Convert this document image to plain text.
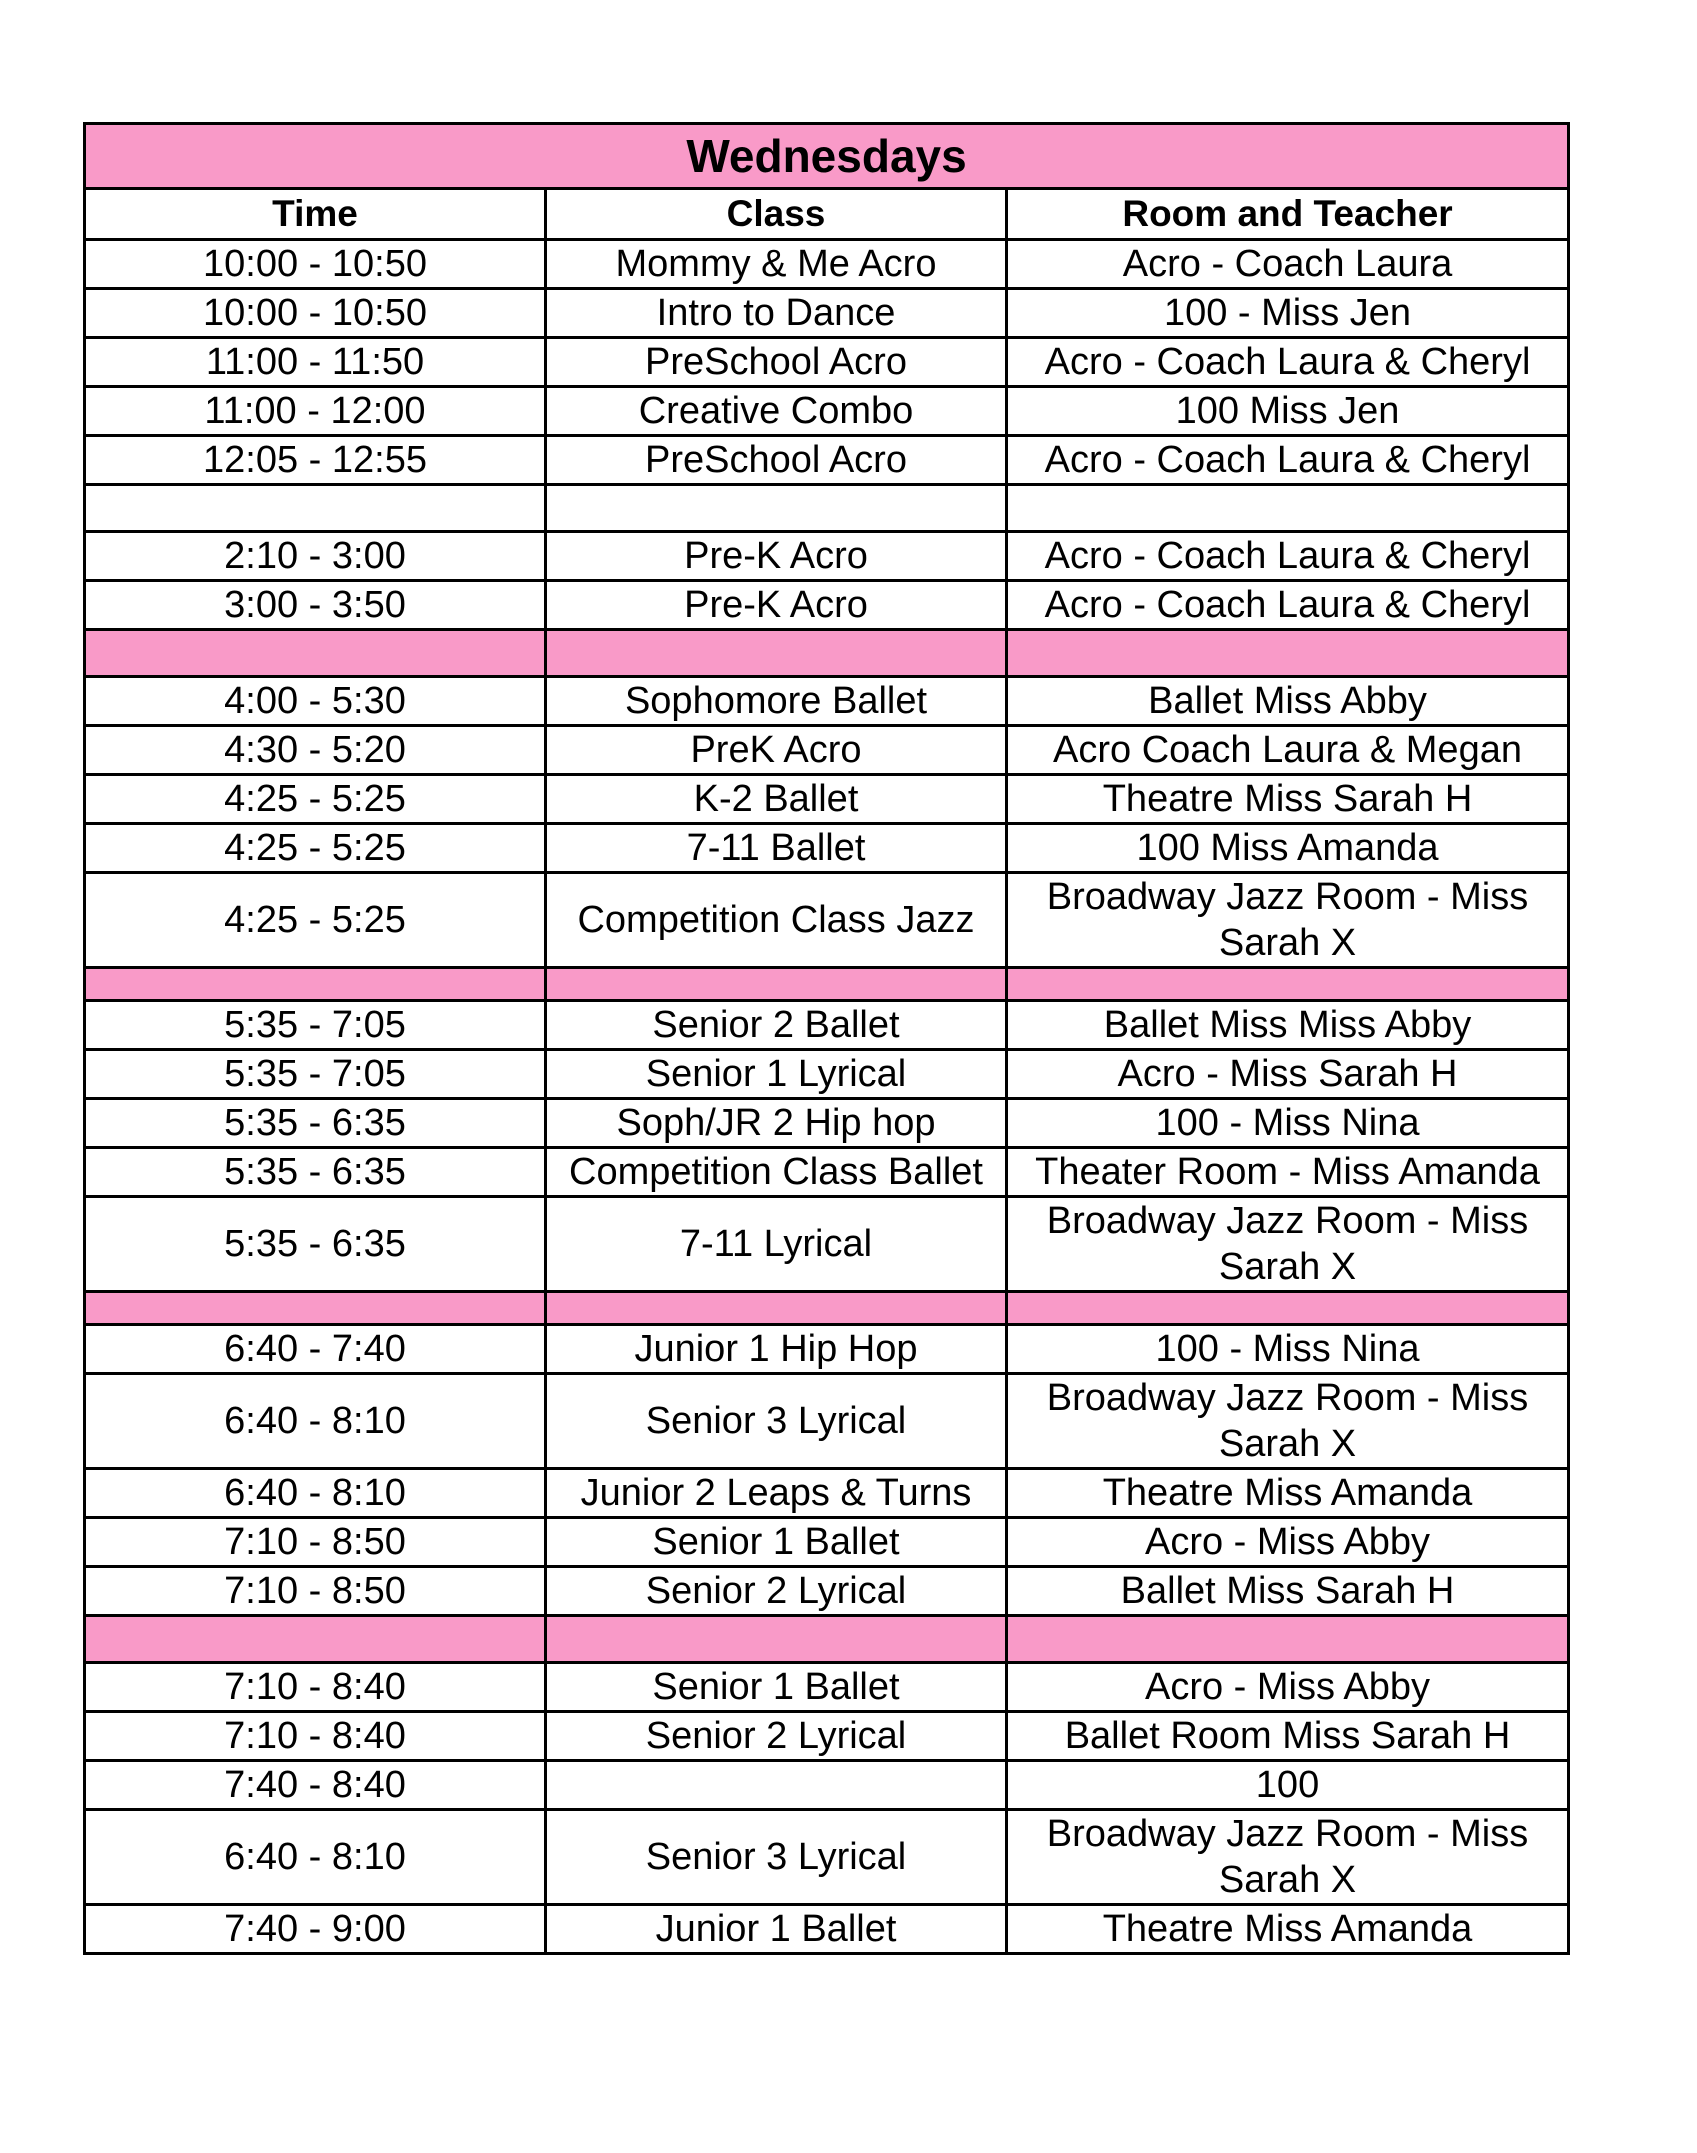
Wednesdays		
Time	Class	Room and Teacher
10:00 - 10:50	Mommy & Me Acro	Acro - Coach Laura
10:00 - 10:50	Intro to Dance	100 - Miss Jen
11:00 - 11:50	PreSchool Acro	Acro - Coach Laura & Cheryl
11:00 - 12:00	Creative Combo	100 Miss Jen
12:05 - 12:55	PreSchool Acro	Acro - Coach Laura & Cheryl

2:10 - 3:00	Pre-K Acro	Acro - Coach Laura & Cheryl
3:00 - 3:50	Pre-K Acro	Acro - Coach Laura & Cheryl

4:00 - 5:30	Sophomore Ballet	Ballet Miss Abby
4:30 - 5:20	PreK Acro	Acro Coach Laura & Megan
4:25 - 5:25	K-2 Ballet	Theatre Miss Sarah H
4:25 - 5:25	7-11 Ballet	100 Miss Amanda
4:25 - 5:25	Competition Class Jazz	Broadway Jazz Room - Miss Sarah X

5:35 - 7:05	Senior 2 Ballet	Ballet Miss Miss Abby
5:35 - 7:05	Senior 1 Lyrical	Acro - Miss Sarah H
5:35 - 6:35	Soph/JR 2 Hip hop	100 - Miss Nina
5:35 - 6:35	Competition Class Ballet	Theater Room - Miss Amanda
5:35 - 6:35	7-11 Lyrical	Broadway Jazz Room - Miss Sarah X

6:40 - 7:40	Junior 1 Hip Hop	100 - Miss Nina
6:40 - 8:10	Senior 3 Lyrical	Broadway Jazz Room - Miss Sarah X
6:40 - 8:10	Junior 2 Leaps & Turns	Theatre Miss Amanda
7:10 - 8:50	Senior 1 Ballet	Acro - Miss Abby
7:10 - 8:50	Senior 2 Lyrical	Ballet Miss Sarah H

7:10 - 8:40	Senior 1 Ballet	Acro - Miss Abby
7:10 - 8:40	Senior 2 Lyrical	Ballet Room Miss Sarah H
7:40 - 8:40		100
6:40 - 8:10	Senior 3 Lyrical	Broadway Jazz Room - Miss Sarah X
7:40 - 9:00	Junior 1 Ballet	Theatre Miss Amanda
